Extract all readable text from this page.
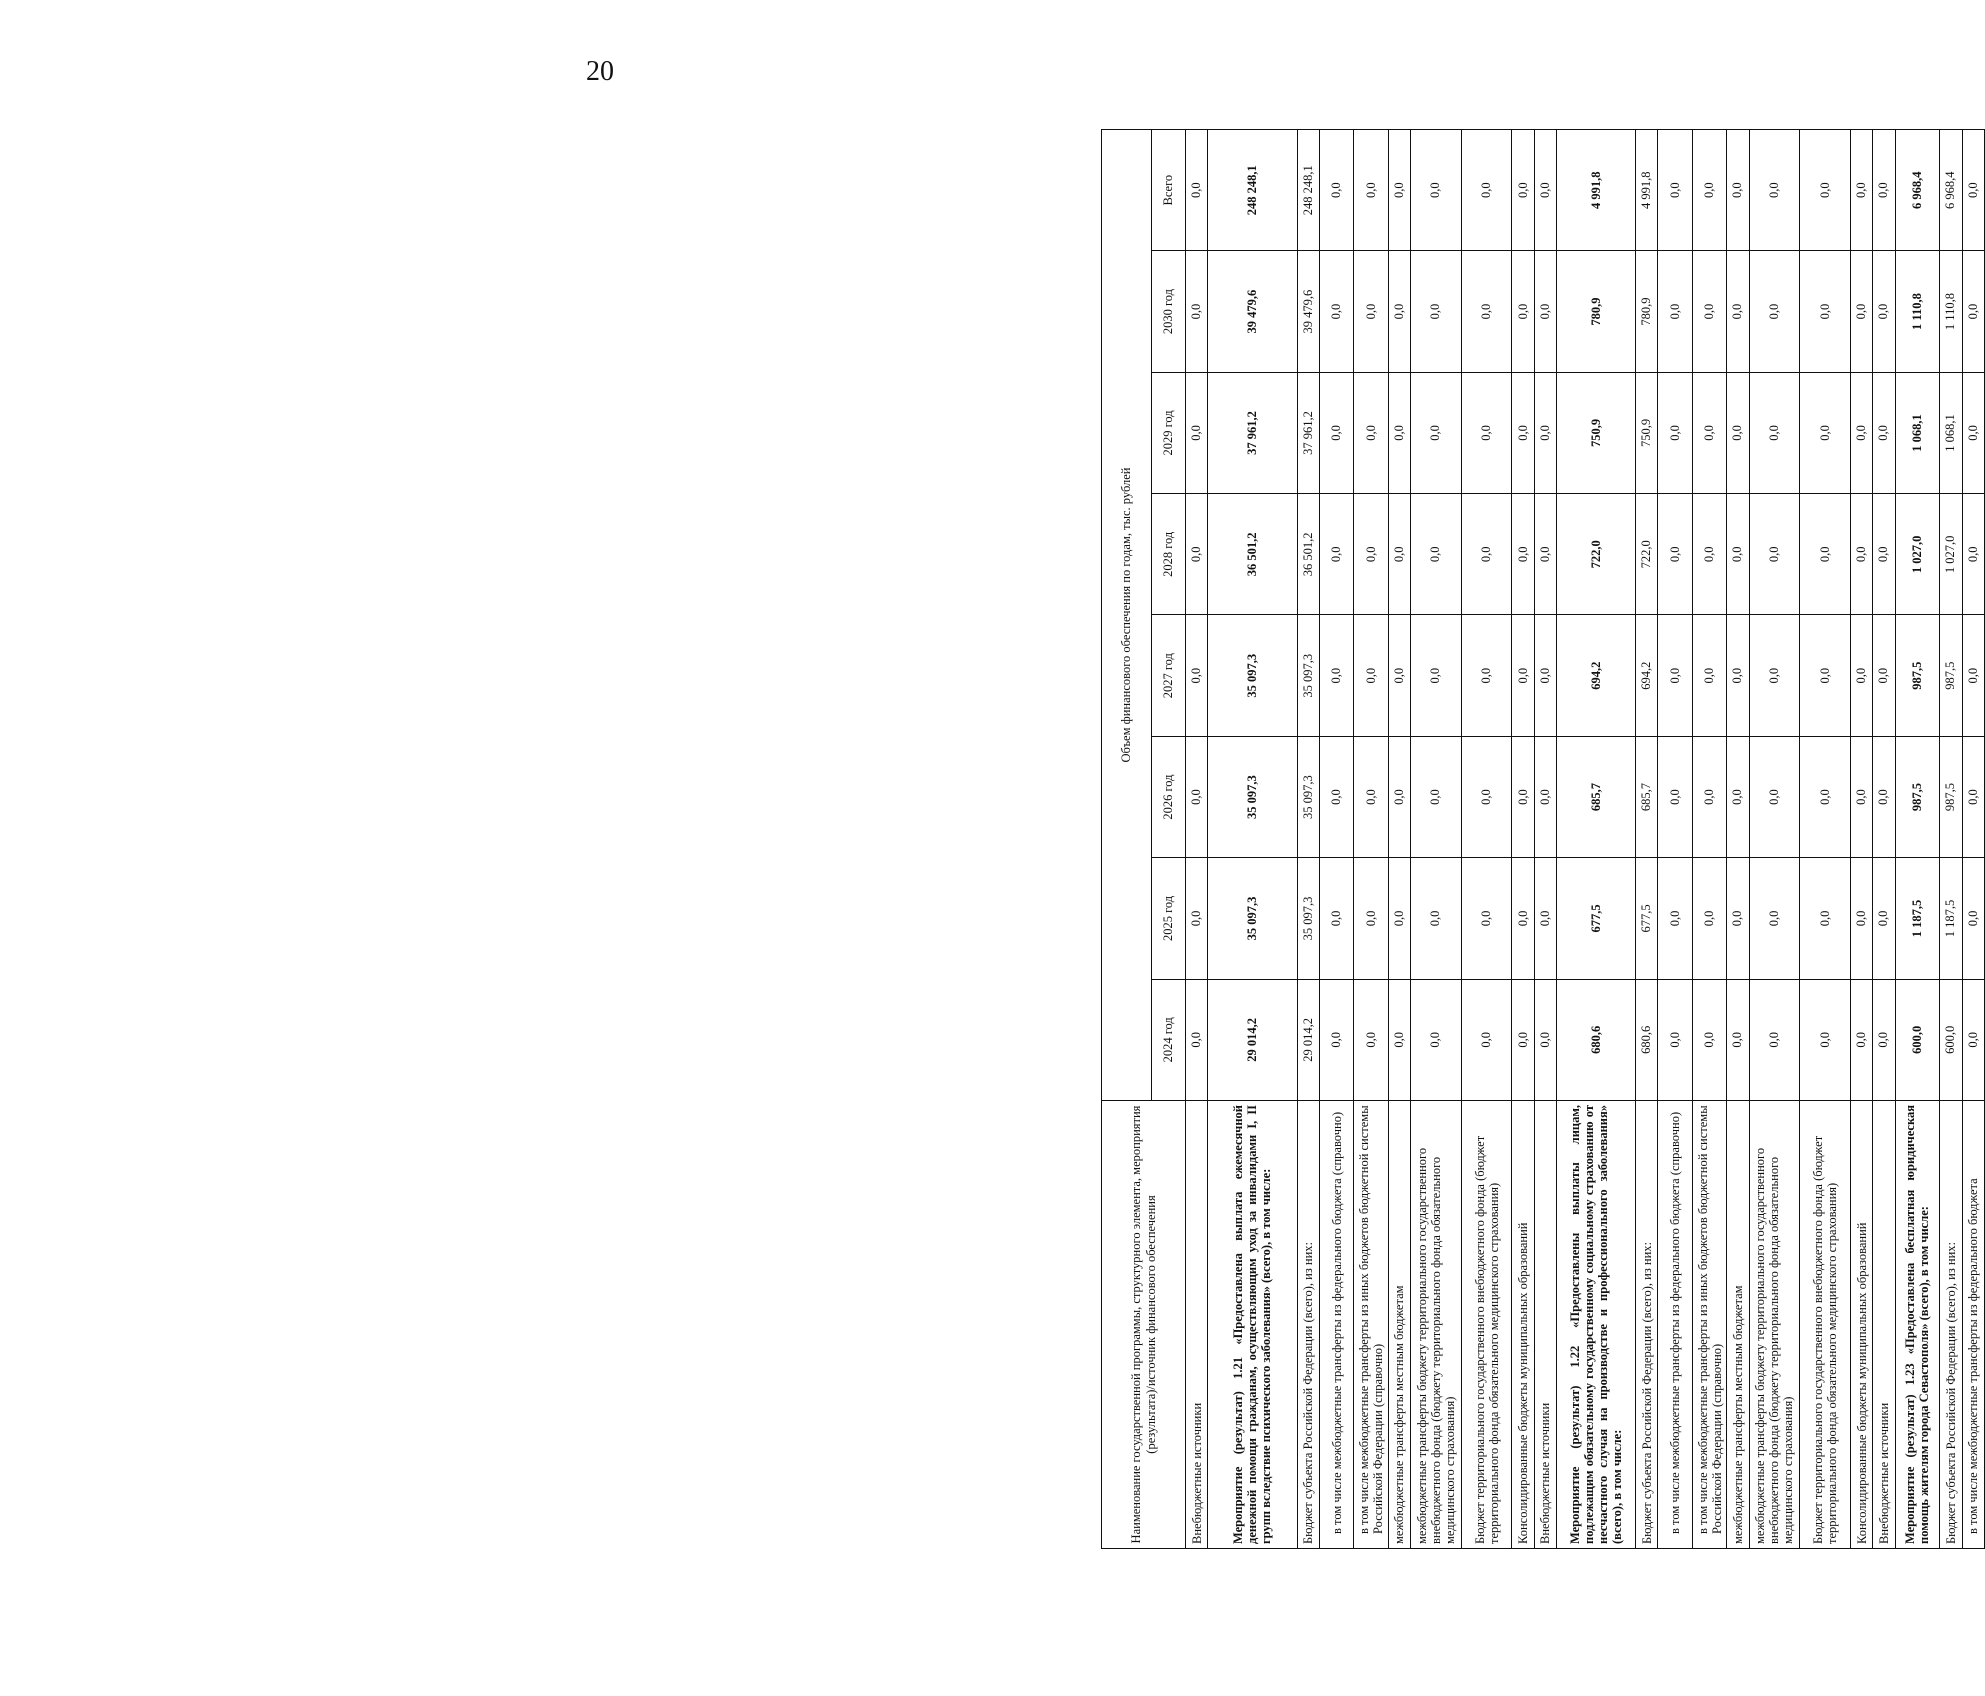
20
Наименование государственной программы, структурного элемента, мероприятия (результата)/источник финансового обеспечения	Объем финансового обеспечения по годам, тыс. рублей							
	2024 год	2025 год	2026 год	2027 год	2028 год	2029 год	2030 год	Всего
Внебюджетные источники	0,0	0,0	0,0	0,0	0,0	0,0	0,0	0,0
Мероприятие (результат) 1.21 «Предоставлена выплата ежемесячной денежной помощи гражданам, осуществляющим уход за инвалидами I, II групп вследствие психического заболевания» (всего), в том числе:	29 014,2	35 097,3	35 097,3	35 097,3	36 501,2	37 961,2	39 479,6	248 248,1
Бюджет субъекта Российской Федерации (всего), из них:	29 014,2	35 097,3	35 097,3	35 097,3	36 501,2	37 961,2	39 479,6	248 248,1
в том числе межбюджетные трансферты из федерального бюджета (справочно)	0,0	0,0	0,0	0,0	0,0	0,0	0,0	0,0
в том числе межбюджетные трансферты из иных бюджетов бюджетной системы Российской Федерации (справочно)	0,0	0,0	0,0	0,0	0,0	0,0	0,0	0,0
межбюджетные трансферты местным бюджетам	0,0	0,0	0,0	0,0	0,0	0,0	0,0	0,0
межбюджетные трансферты бюджету территориального государственного внебюджетного фонда (бюджету территориального фонда обязательного медицинского страхования)	0,0	0,0	0,0	0,0	0,0	0,0	0,0	0,0
Бюджет территориального государственного внебюджетного фонда (бюджет территориального фонда обязательного медицинского страхования)	0,0	0,0	0,0	0,0	0,0	0,0	0,0	0,0
Консолидированные бюджеты муниципальных образований	0,0	0,0	0,0	0,0	0,0	0,0	0,0	0,0
Внебюджетные источники	0,0	0,0	0,0	0,0	0,0	0,0	0,0	0,0
Мероприятие (результат) 1.22 «Предоставлены выплаты лицам, подлежащим обязательному государственному социальному страхованию от несчастного случая на производстве и профессионального заболевания» (всего), в том числе:	680,6	677,5	685,7	694,2	722,0	750,9	780,9	4 991,8
Бюджет субъекта Российской Федерации (всего), из них:	680,6	677,5	685,7	694,2	722,0	750,9	780,9	4 991,8
в том числе межбюджетные трансферты из федерального бюджета (справочно)	0,0	0,0	0,0	0,0	0,0	0,0	0,0	0,0
в том числе межбюджетные трансферты из иных бюджетов бюджетной системы Российской Федерации (справочно)	0,0	0,0	0,0	0,0	0,0	0,0	0,0	0,0
межбюджетные трансферты местным бюджетам	0,0	0,0	0,0	0,0	0,0	0,0	0,0	0,0
межбюджетные трансферты бюджету территориального государственного внебюджетного фонда (бюджету территориального фонда обязательного медицинского страхования)	0,0	0,0	0,0	0,0	0,0	0,0	0,0	0,0
Бюджет территориального государственного внебюджетного фонда (бюджет территориального фонда обязательного медицинского страхования)	0,0	0,0	0,0	0,0	0,0	0,0	0,0	0,0
Консолидированные бюджеты муниципальных образований	0,0	0,0	0,0	0,0	0,0	0,0	0,0	0,0
Внебюджетные источники	0,0	0,0	0,0	0,0	0,0	0,0	0,0	0,0
Мероприятие (результат) 1.23 «Предоставлена бесплатная юридическая помощь жителям города Севастополя» (всего), в том числе:	600,0	1 187,5	987,5	987,5	1 027,0	1 068,1	1 110,8	6 968,4
Бюджет субъекта Российской Федерации (всего), из них:	600,0	1 187,5	987,5	987,5	1 027,0	1 068,1	1 110,8	6 968,4
в том числе межбюджетные трансферты из федерального бюджета	0,0	0,0	0,0	0,0	0,0	0,0	0,0	0,0
